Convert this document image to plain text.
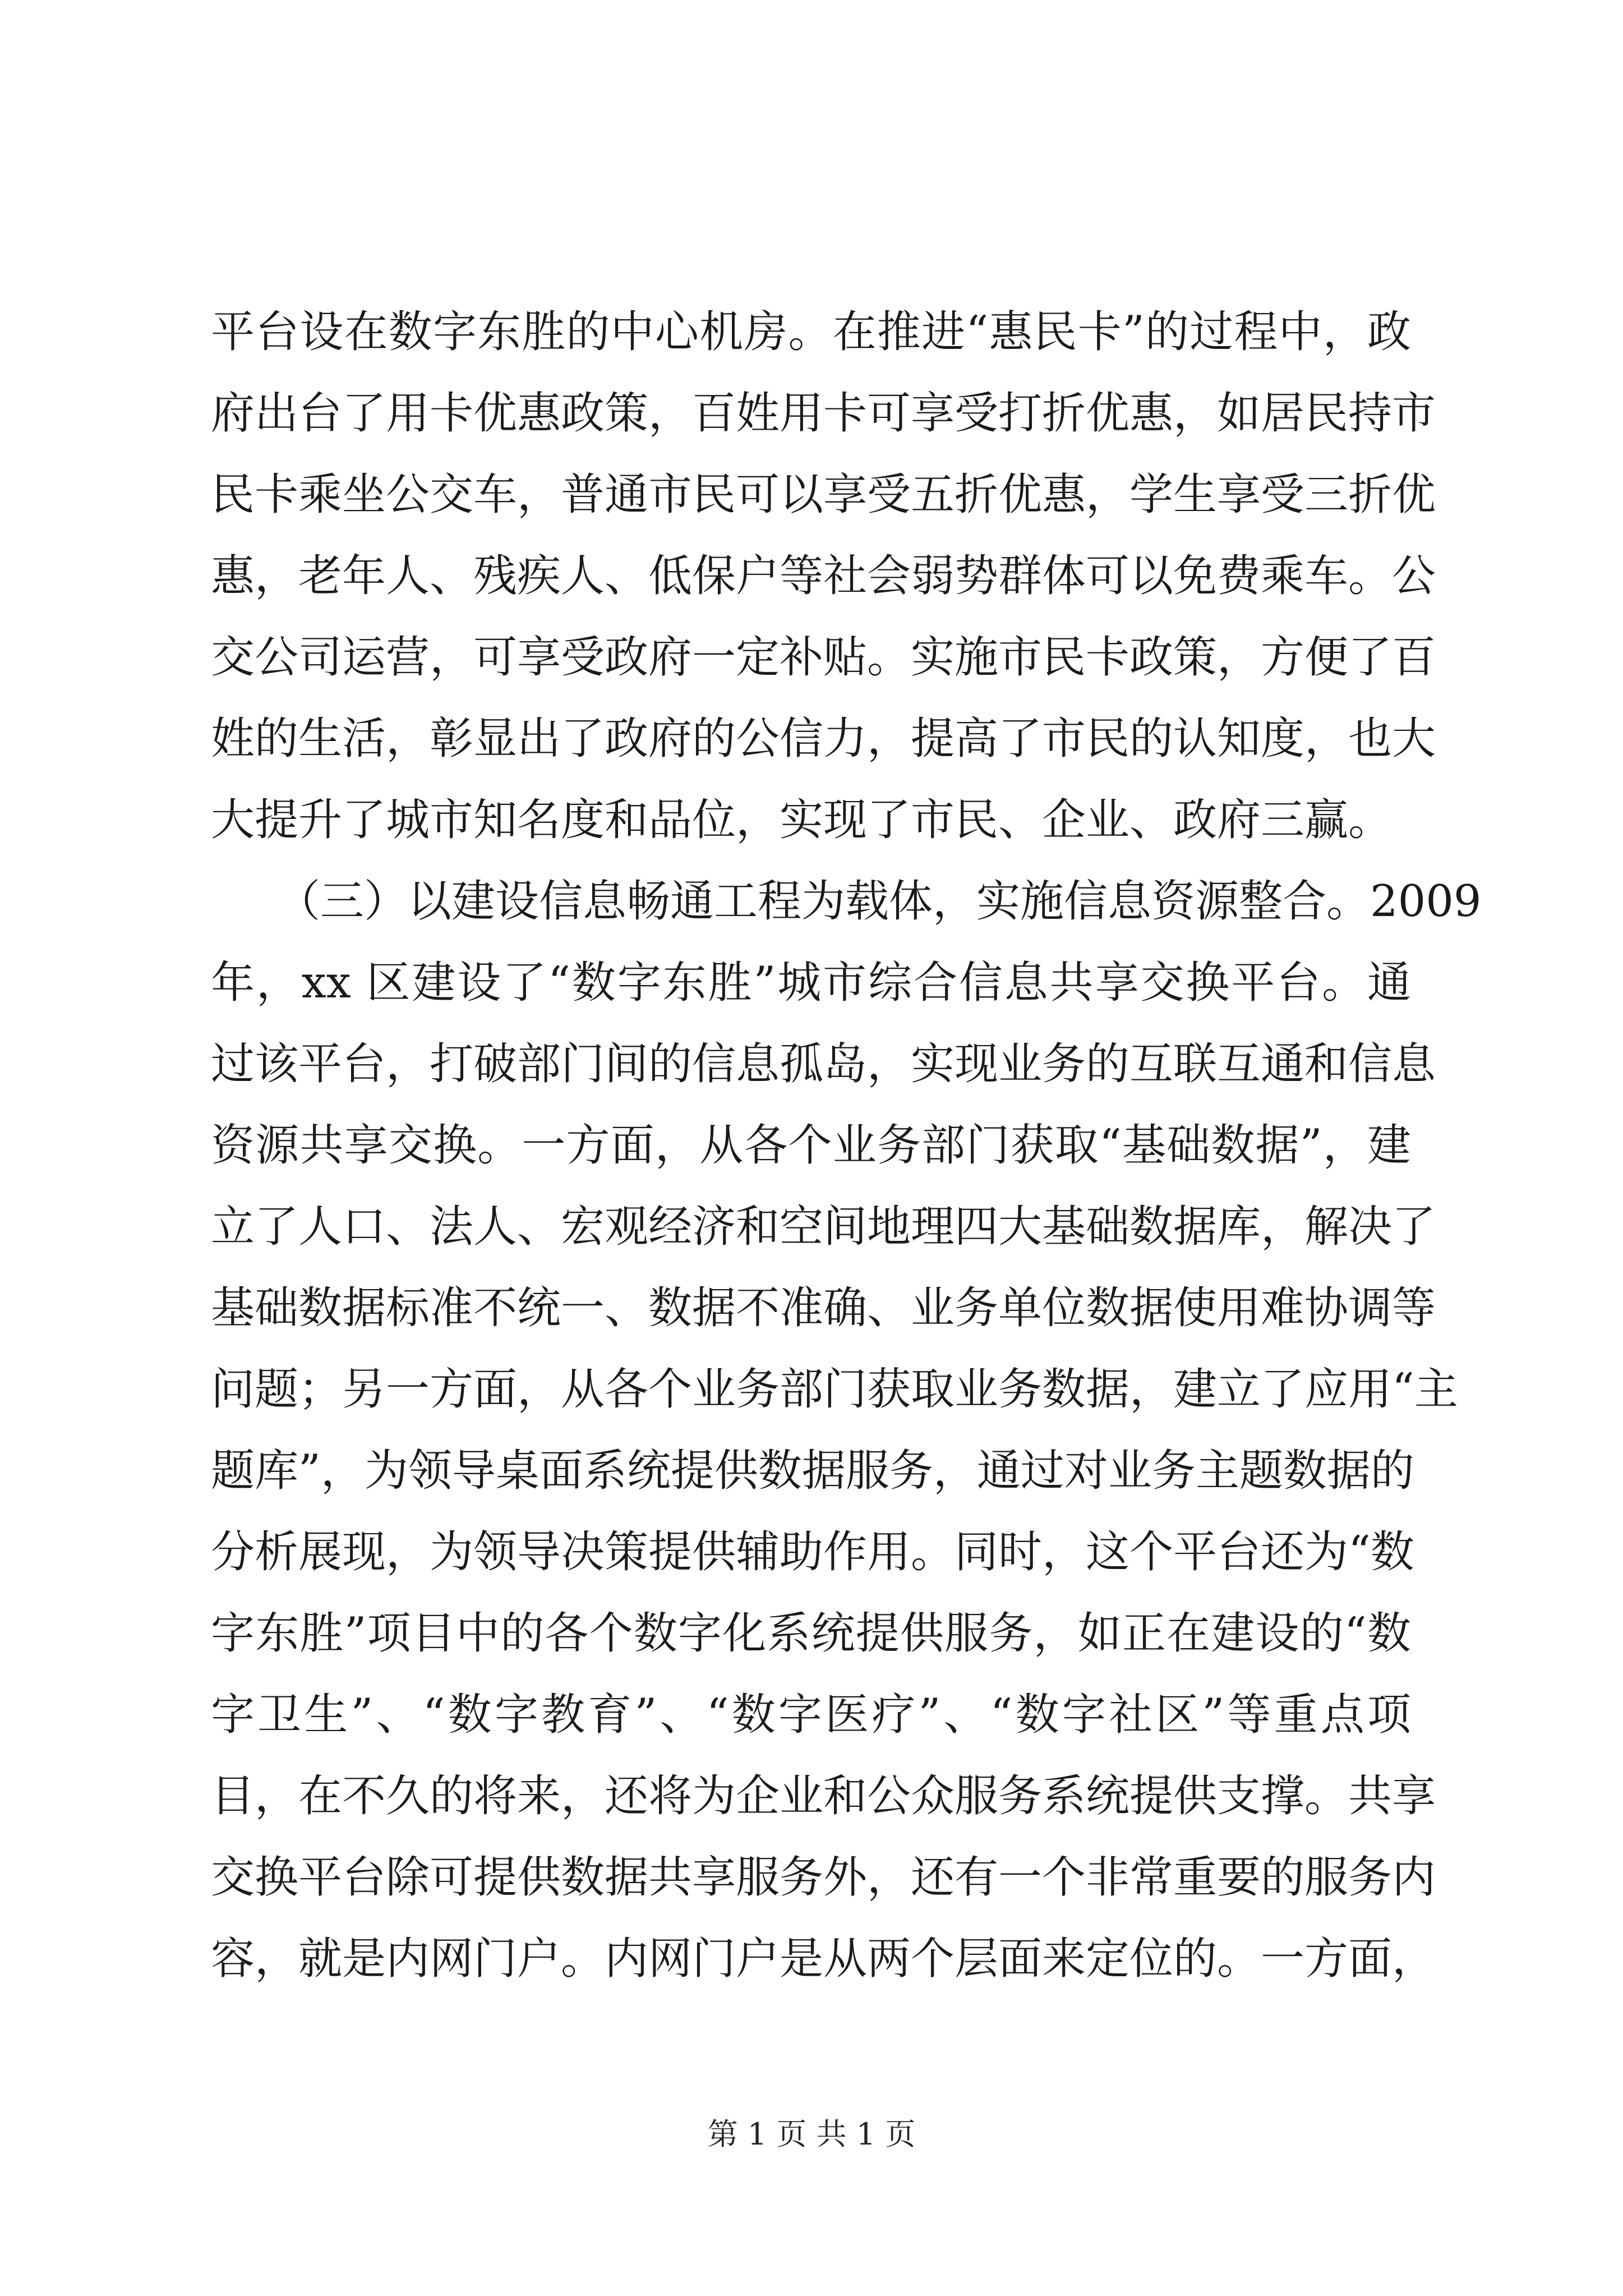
平台设在数字东胜的中心机房。在推进“惠民卡”的过程中，政
府出台了用卡优惠政策，百姓用卡可享受打折优惠，如居民持市
民卡乘坐公交车，普通市民可以享受五折优惠，学生享受三折优
惠，老年人、残疾人、低保户等社会弱势群体可以免费乘车。公
交公司运营，可享受政府一定补贴。实施市民卡政策，方便了百
姓的生活，彰显出了政府的公信力，提高了市民的认知度，也大
大提升了城市知名度和品位，实现了市民、企业、政府三赢。
　　（三）以建设信息畅通工程为载体，实施信息资源整合。2009
年，xx 区建设了“数字东胜”城市综合信息共享交换平台。通
过该平台，打破部门间的信息孤岛，实现业务的互联互通和信息
资源共享交换。一方面，从各个业务部门获取“基础数据”，建
立了人口、法人、宏观经济和空间地理四大基础数据库，解决了
基础数据标准不统一、数据不准确、业务单位数据使用难协调等
问题；另一方面，从各个业务部门获取业务数据，建立了应用“主
题库”，为领导桌面系统提供数据服务，通过对业务主题数据的
分析展现，为领导决策提供辅助作用。同时，这个平台还为“数
字东胜”项目中的各个数字化系统提供服务，如正在建设的“数
字卫生”、“数字教育”、“数字医疗”、“数字社区”等重点项
目，在不久的将来，还将为企业和公众服务系统提供支撑。共享
交换平台除可提供数据共享服务外，还有一个非常重要的服务内
容，就是内网门户。内网门户是从两个层面来定位的。一方面，
第 1 页 共 1 页
